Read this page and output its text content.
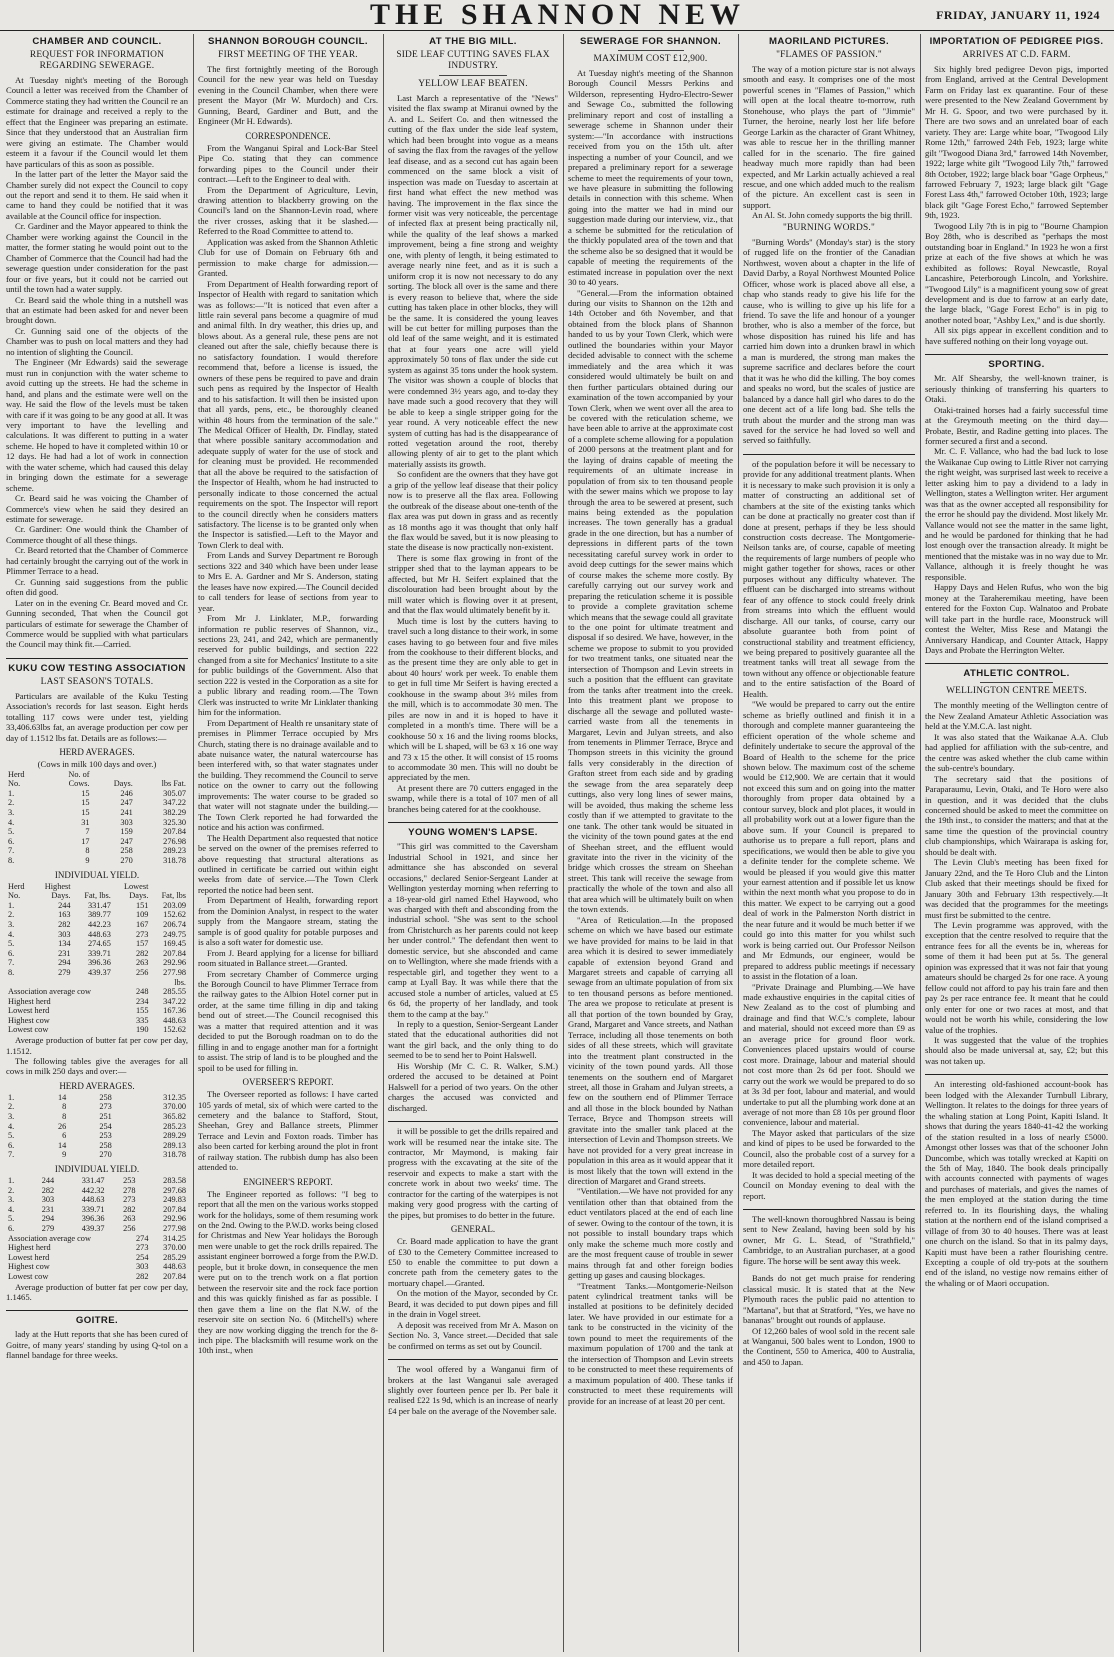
THE SHANNON NEW	FRIDAY, JANUARY 11, 1924
CHAMBER AND COUNCIL.
REQUEST FOR INFORMATION REGARDING SEWERAGE.

At Tuesday night's meeting of the Borough Council a letter was received from the Chamber of Commerce stating they had written the Council re an estimate for drainage and received a reply to the effect that the Engineer was preparing an estimate. Since that they understood that an Australian firm were giving an estimate. The Chamber would esteem it a favour if the Council would let them have particulars of this as soon as possible.

In the latter part of the letter the Mayor said the Chamber surely did not expect the Council to copy out the report and send it to them. He said when it came to hand they could be notified that it was available at the Council office for inspection.

Cr. Gardiner and the Mayor appeared to think the Chamber were working against the Council in the matter, the former stating he would point out to the Chamber of Commerce that the Council had had the sewerage question under consideration for the past four or five years, but it could not be carried out until the town had a water supply.

Cr. Beard said the whole thing in a nutshell was that an estimate had been asked for and never been brought down.

Cr. Gunning said one of the objects of the Chamber was to push on local matters and they had no intention of slighting the Council.

The Engineer (Mr Edwards) said the sewerage must run in conjunction with the water scheme to avoid cutting up the streets. He had the scheme in hand, and plans and the estimate were well on the way. He said the flow of the levels must be taken with care if it was going to be any good at all. It was very important to have the levelling and calculations. It was different to putting in a water scheme. He hoped to have it completed within 10 or 12 days. He had had a lot of work in connection with the water scheme, which had caused this delay in bringing down the estimate for a sewerage scheme.

Cr. Beard said he was voicing the Chamber of Commerce's view when he said they desired an estimate for sewerage.

Cr. Gardiner: One would think the Chamber of Commerce thought of all these things.

Cr. Beard retorted that the Chamber of Commerce had certainly brought the carrying out of the work in Plimmer Terrace to a head.

Cr. Gunning said suggestions from the public often did good.

Later on in the evening Cr. Beard moved and Cr. Gunning seconded, That when the Council got particulars of estimate for sewerage the Chamber of Commerce would be supplied with what particulars the Council may think fit.—Carried.

KUKU COW TESTING ASSOCIATION
LAST SEASON'S TOTALS.

Particulars are available of the Kuku Testing Association's records for last season. Eight herds totalling 117 cows were under test, yielding 33,406.63lbs fat, an average production per cow per day of 1.1512 lbs fat. Details are as follows:—

HERD AVERAGES.

(Cows in milk 100 days and over.)

Herd	No. of		
No.	Cows.	Days.	lbs Fat.
1.	15	246	305.07
2.	15	247	347.22
3.	15	241	382.29
4.	31	303	325.30
5.	7	159	207.84
6.	17	247	276.98
7.	8	258	289.23
8.	9	270	318.78
INDIVIDUAL YIELD.
Herd	Highest		Lowest	
No.	Days.	Fat, lbs.	Days.	Fat, lbs
1.	244	331.47	151	203.09
2.	163	389.77	109	152.62
3.	282	442.23	167	206.74
4.	303	448.63	273	249.75
5.	134	274.65	157	169.45
6.	231	339.71	282	207.84
7.	294	396.36	263	292.96
8.	279	439.37	256	277.98
		lbs.
Association average cow	248	285.55
Highest herd	234	347.22
Lowest herd	155	167.36
Highest cow	335	448.63
Lowest cow	190	152.62

Average production of butter fat per cow per day, 1.1512.

The following tables give the averages for all cows in milk 250 days and over:—

HERD AVERAGES.
1.	14	258	312.35
2.	8	273	370.00
3.	8	251	365.82
4.	26	254	285.23
5.	6	253	289.29
6.	14	258	289.13
7.	9	270	318.78
INDIVIDUAL YIELD.
1.	244	331.47	253	283.58
2.	282	442.32	278	297.68
3.	303	448.63	273	249.83
4.	231	339.71	282	207.84
5.	294	396.36	263	292.96
6.	279	439.37	256	277.98
Association average cow	274	314.25
Highest herd	273	370.00
Lowest herd	254	285.29
Highest cow	303	448.63
Lowest cow	282	207.84

Average production of butter fat per cow per day, 1.1465.

GOITRE.

lady at the Hutt reports that she has been cured of Goitre, of many years' standing by using Q-tol on a flannel bandage for three weeks.

SHANNON BOROUGH COUNCIL.
FIRST MEETING OF THE YEAR.

The first fortnightly meeting of the Borough Council for the new year was held on Tuesday evening in the Council Chamber, when there were present the Mayor (Mr W. Murdoch) and Crs. Gunning, Beard, Gardiner and Butt, and the Engineer (Mr H. Edwards).

CORRESPONDENCE.

From the Wanganui Spiral and Lock-Bar Steel Pipe Co. stating that they can commence forwarding pipes to the Council under their contract.—Left to the Engineer to deal with.

From the Department of Agriculture, Levin, drawing attention to blackberry growing on the Council's land on the Shannon-Levin road, where the river crosses, asking that it be slashed.—Referred to the Road Committee to attend to.

Application was asked from the Shannon Athletic Club for use of Domain on February 6th and permission to make charge for admission.—Granted.

From Department of Health forwarding report of Inspector of Health with regard to sanitation which was as follows:—"It is noticed that even after a little rain several pans become a quagmire of mud and animal filth. In dry weather, this dries up, and blows about. As a general rule, these pens are not cleaned out after the sale, chiefly because there is no satisfactory foundation. I would therefore recommend that, before a license is issued, the owners of these pens be required to pave and drain such pens as required by the Inspector of Health and to his satisfaction. It will then be insisted upon that all yards, pens, etc., be thoroughly cleaned within 48 hours from the termination of the sale." The Medical Officer of Health, Dr. Findlay, stated that where possible sanitary accommodation and adequate supply of water for the use of stock and for cleaning must be provided. He recommended that all the above be required to the satisfaction of the Inspector of Health, whom he had instructed to personally indicate to those concerned the actual requirements on the spot. The Inspector will report to the council directly when he considers matters satisfactory. The license is to be granted only when the Inspector is satisfied.—Left to the Mayor and Town Clerk to deal with.

From Lands and Survey Department re Borough sections 322 and 340 which have been under lease to Mrs E. A. Gardner and Mr S. Anderson, stating the leases have now expired.—The Council decided to call tenders for lease of sections from year to year.

From Mr J. Linklater, M.P., forwarding information re public reserves of Shannon, viz., sections 23, 241, and 242, which are permanently reserved for public buildings, and section 222 changed from a site for Mechanics' Institute to a site for public buildings of the Government. Also that section 222 is vested in the Corporation as a site for a public library and reading room.—The Town Clerk was instructed to write Mr Linklater thanking him for the information.

From Department of Health re unsanitary state of premises in Plimmer Terrace occupied by Mrs Church, stating there is no drainage available and to abate nuisance water, the natural watercourse has been interfered with, so that water stagnates under the building. They recommend the Council to serve notice on the owner to carry out the following improvements: The water course to be graded so that water will not stagnate under the building.—The Town Clerk reported he had forwarded the notice and his action was confirmed.

The Health Department also requested that notice be served on the owner of the premises referred to above requesting that structural alterations as outlined in certificate be carried out within eight weeks from date of service.—The Town Clerk reported the notice had been sent.

From Department of Health, forwarding report from the Dominion Analyst, in respect to the water supply from the Mangaore stream, stating the sample is of good quality for potable purposes and is also a soft water for domestic use.

From J. Beard applying for a license for billiard room situated in Ballance street.—Granted.

From secretary Chamber of Commerce urging the Borough Council to have Plimmer Terrace from the railway gates to the Albion Hotel corner put in order, at the same time filling in dip and taking bend out of street.—The Council recognised this was a matter that required attention and it was decided to put the Borough roadman on to do the filling in and to engage another man for a fortnight to assist. The strip of land is to be ploughed and the spoil to be used for filling in.

OVERSEER'S REPORT.

The Overseer reported as follows: I have carted 105 yards of metal, six of which were carted to the cemetery and the balance to Stafford, Stout, Sheehan, Grey and Ballance streets, Plimmer Terrace and Levin and Foxton roads. Timber has also been carted for kerbing around the plot in front of railway station. The rubbish dump has also been attended to.

ENGINEER'S REPORT.

The Engineer reported as follows: "I beg to report that all the men on the various works stopped work for the holidays, some of them resuming work on the 2nd. Owing to the P.W.D. works being closed for Christmas and New Year holidays the Borough men were unable to get the rock drills repaired. The assistant engineer borrowed a forge from the P.W.D. people, but it broke down, in consequence the men were put on to the trench work on a flat portion between the reservoir site and the rock face portion and this was quickly finished as far as possible. I then gave them a line on the flat N.W. of the reservoir site on section No. 6 (Mitchell's) where they are now working digging the trench for the 8-inch pipe. The blacksmith will resume work on the 10th inst., when

AT THE BIG MILL.
SIDE LEAF CUTTING SAVES FLAX INDUSTRY.
YELLOW LEAF BEATEN.

Last March a representative of the "News" visited the flax swamp at Miranui owned by the A. and L. Seifert Co. and then witnessed the cutting of the flax under the side leaf system, which had been brought into vogue as a means of saving the flax from the ravages of the yellow leaf disease, and as a second cut has again been commenced on the same block a visit of inspection was made on Tuesday to ascertain at first hand what effect the new method was having. The improvement in the flax since the former visit was very noticeable, the percentage of infected flax at present being practically nil, while the quality of the leaf shows a marked improvement, being a fine strong and weighty one, with plenty of length, it being estimated to average nearly nine feet, and as it is such a uniform crop it is now not necessary to do any sorting. The block all over is the same and there is every reason to believe that, where the side cutting has taken place in other blocks, they will be the same. It is considered the young leaves will be cut better for milling purposes than the old leaf of the same weight, and it is estimated that at four years one acre will yield approximately 50 tons of flax under the side cut system as against 35 tons under the hook system. The visitor was shown a couple of blocks that were condemned 3½ years ago, and to-day they have made such a good recovery that they will be able to keep a single stripper going for the year round. A very noticeable effect the new system of cutting has had is the disappearance of rotted vegetation around the root, thereby allowing plenty of air to get to the plant which materially assists its growth.

So confident are the owners that they have got a grip of the yellow leaf disease that their policy now is to preserve all the flax area. Following the outbreak of the disease about one-tenth of the flax area was put down in grass and as recently as 18 months ago it was thought that only half the flax would be saved, but it is now pleasing to state the disease is now practically non-existent.

There is some flax growing in front of the stripper shed that to the layman appears to be affected, but Mr H. Seifert explained that the discolouration had been brought about by the mill water which is flowing over it at present, and that the flax would ultimately benefit by it.

Much time is lost by the cutters having to travel such a long distance to their work, in some cases having to go between four and five miles from the cookhouse to their different blocks, and as the present time they are only able to get in about 40 hours' work per week. To enable them to get in full time Mr Seifert is having erected a cookhouse in the swamp about 3½ miles from the mill, which is to accommodate 30 men. The piles are now in and it is hoped to have it completed in a month's time. There will be a cookhouse 50 x 16 and the living rooms blocks, which will be L shaped, will be 63 x 16 one way and 73 x 15 the other. It will consist of 15 rooms to accommodate 30 men. This will no doubt be appreciated by the men.

At present there are 70 cutters engaged in the swamp, while there is a total of 107 men of all branches being catered for at the cookhouse.

YOUNG WOMEN'S LAPSE.

"This girl was committed to the Caversham Industrial School in 1921, and since her admittance she has absconded on several occasions," declared Senior-Sergeant Lander at Wellington yesterday morning when referring to a 18-year-old girl named Ethel Haywood, who was charged with theft and absconding from the industrial school. "She was sent to the school from Christchurch as her parents could not keep her under control." The defendant then went to domestic service, but she absconded and came on to Wellington, where she made friends with a respectable girl, and together they went to a camp at Lyall Bay. It was while there that the accused stole a number of articles, valued at £5 6s 6d, the property of her landlady, and took them to the camp at the bay."

In reply to a question, Senior-Sergeant Lander stated that the educational authorities did not want the girl back, and the only thing to do seemed to be to send her to Point Halswell.

His Worship (Mr C. C. R. Walker, S.M.) ordered the accused to be detained at Point Halswell for a period of two years. On the other charges the accused was convicted and discharged.

it will be possible to get the drills repaired and work will be resumed near the intake site. The contractor, Mr Maymond, is making fair progress with the excavating at the site of the reservoir and expects to make a start with the concrete work in about two weeks' time. The contractor for the carting of the waterpipes is not making very good progress with the carting of the pipes, but promises to do better in the future.

GENERAL.

Cr. Board made application to have the grant of £30 to the Cemetery Committee increased to £50 to enable the committee to put down a concrete path from the cemetery gates to the mortuary chapel.—Granted.

On the motion of the Mayor, seconded by Cr. Beard, it was decided to put down pipes and fill in the drain in Vogel street.

A deposit was received from Mr A. Mason on Section No. 3, Vance street.—Decided that sale be confirmed on terms as set out by Council.

The wool offered by a Wanganui firm of brokers at the last Wanganui sale averaged slightly over fourteen pence per lb. Per bale it realised £22 1s 9d, which is an increase of nearly £4 per bale on the average of the November sale.

SEWERAGE FOR SHANNON.
MAXIMUM COST £12,900.

At Tuesday night's meeting of the Shannon Borough Council Messrs Perkins and Wilderson, representing Hydro-Electro-Sewer and Sewage Co., submitted the following preliminary report and cost of installing a sewerage scheme in Shannon under their system:—"In accordance with instructions received from you on the 15th ult. after inspecting a number of your Council, and we prepared a preliminary report for a sewerage scheme to meet the requirements of your town, we have pleasure in submitting the following details in connection with this scheme. When going into the matter we had in mind our suggestion made during our interview, viz., that a scheme be submitted for the reticulation of the thickly populated area of the town and that the scheme also be so designed that it would be capable of meeting the requirements of the estimated increase in population over the next 30 to 40 years.

"General.—From the information obtained during our visits to Shannon on the 12th and 14th October and 6th November, and that obtained from the block plans of Shannon handed to us by your Town Clerk, which were outlined the boundaries within your Mayor decided advisable to connect with the scheme immediately and the area which it was considered would ultimately be built on and then further particulars obtained during our examination of the town accompanied by your Town Clerk, when we went over all the area to be covered with the reticulation scheme, we have been able to arrive at the approximate cost of a complete scheme allowing for a population of 2000 persons at the treatment plant and for the laying of drains capable of meeting the requirements of an ultimate increase in population of from six to ten thousand people with the sewer mains which we propose to lay through the area to be sewered at present, such mains being extended as the population increases. The town generally has a gradual grade in the one direction, but has a number of depressions in different parts of the town necessitating careful survey work in order to avoid deep cuttings for the sewer mains which of course makes the scheme more costly. By carefully carrying out our survey work and preparing the reticulation scheme it is possible to provide a complete gravitation scheme which means that the sewage could all gravitate to the one point for ultimate treatment and disposal if so desired. We have, however, in the scheme we propose to submit to you provided for two treatment tanks, one situated near the intersection of Thompson and Levin streets in such a position that the effluent can gravitate from the tanks after treatment into the creek. Into this treatment plant we propose to discharge all the sewage and polluted waste-carried waste from all the tenements in Margaret, Levin and Julyan streets, and also from tenements in Plimmer Terrace, Bryce and Thompson streets in this vicinity the ground falls very considerably in the direction of Grafton street from each side and by grading the sewage from the area separately deep cuttings, also very long lines of sewer mains, will be avoided, thus making the scheme less costly than if we attempted to gravitate to the one tank. The other tank would be situated in the vicinity of the town pound gates at the end of Sheehan street, and the effluent would gravitate into the river in the vicinity of the bridge which crosses the stream on Sheehan street. This tank will receive the sewage from practically the whole of the town and also all that area which will be ultimately built on when the town extends.

"Area of Reticulation.—In the proposed scheme on which we have based our estimate we have provided for mains to be laid in that area which it is desired to sewer immediately capable of extension beyond Grand and Margaret streets and capable of carrying all sewage from an ultimate population of from six to ten thousand persons as before mentioned. The area we propose to reticulate at present is all that portion of the town bounded by Gray, Grand, Margaret and Vance streets, and Nathan Terrace, including all those tenements on both sides of all these streets, which will gravitate into the treatment plant constructed in the vicinity of the town pound yards. All those tenements on the southern end of Margaret street, all those in Graham and Julyan streets, a few on the southern end of Plimmer Terrace and all those in the block bounded by Nathan Terrace, Bryce and Thompson streets will gravitate into the smaller tank placed at the intersection of Levin and Thompson streets. We have not provided for a very great increase in population in this area as it would appear that it is most likely that the town will extend in the direction of Margaret and Grand streets.

"Ventilation.—We have not provided for any ventilation other than that obtained from the educt ventilators placed at the end of each line of sewer. Owing to the contour of the town, it is not possible to install boundary traps which only make the scheme much more costly and are the most frequent cause of trouble in sewer mains through fat and other foreign bodies getting up gases and causing blockages.

"Treatment Tanks.—Montgomerie-Neilson patent cylindrical treatment tanks will be installed at positions to be definitely decided later. We have provided in our estimate for a tank to be constructed in the vicinity of the town pound to meet the requirements of the maximum population of 1700 and the tank at the intersection of Thompson and Levin streets to be constructed to meet these requirements of a maximum population of 400. These tanks if constructed to meet these requirements will provide for an increase of at least 20 per cent.

MAORILAND PICTURES.
"FLAMES OF PASSION."

The way of a motion picture star is not always smooth and easy. It comprises one of the most powerful scenes in "Flames of Passion," which will open at the local theatre to-morrow, ruth Stonehouse, who plays the part of "Jimmie" Turner, the heroine, nearly lost her life before George Larkin as the character of Grant Whitney, was able to rescue her in the thrilling manner called for in the scenario. The fire gained headway much more rapidly than had been expected, and Mr Larkin actually achieved a real rescue, and one which added much to the realism of the picture. An excellent cast is seen in support.

An Al. St. John comedy supports the big thrill.

"BURNING WORDS."

"Burning Words" (Monday's star) is the story of rugged life on the frontier of the Canadian Northwest, woven about a chapter in the life of David Darby, a Royal Northwest Mounted Police Officer, whose work is placed above all else, a chap who stands ready to give his life for the cause, who is willing to give up his life for a friend. To save the life and honour of a younger brother, who is also a member of the force, but whose disposition has ruined his life and has carried him down into a drunken brawl in which a man is murdered, the strong man makes the supreme sacrifice and declares before the court that it was he who did the killing. The boy comes and speaks no word, but the scales of justice are balanced by a dance hall girl who dares to do the one decent act of a life long bad. She tells the truth about the murder and the strong man was saved for the service he had loved so well and served so faithfully.

of the population before it will be necessary to provide for any additional treatment plants. When it is necessary to make such provision it is only a matter of constructing an additional set of chambers at the site of the existing tanks which can be done at practically no greater cost than if done at present, perhaps if they be less should construction costs decrease. The Montgomerie-Neilson tanks are, of course, capable of meeting the requirements of large numbers of people who might gather together for shows, races or other purposes without any difficulty whatever. The effluent can be discharged into streams without fear of any offence to stock could freely drink from streams into which the effluent would discharge. All our tanks, of course, carry our absolute guarantee both from point of constructional stability and treatment efficiency, we being prepared to positively guarantee all the treatment tanks will treat all sewage from the town without any offence or objectionable feature and to the entire satisfaction of the Board of Health.

"We would be prepared to carry out the entire scheme as briefly outlined and finish it in a thorough and complete manner guaranteeing the efficient operation of the whole scheme and definitely undertake to secure the approval of the Board of Health to the scheme for the price shown below. The maximum cost of the scheme would be £12,900. We are certain that it would not exceed this sum and on going into the matter thoroughly from proper data obtained by a contour survey, block and plot places, it would in all probability work out at a lower figure than the above sum. If your Council is prepared to authorise us to prepare a full report, plans and specifications, we would then be able to give you a definite tender for the complete scheme. We would be pleased if you would give this matter your earnest attention and if possible let us know within the next month what you propose to do in this matter. We expect to be carrying out a good deal of work in the Palmerston North district in the near future and it would be much better if we could go into this matter for you whilst such work is being carried out. Our Professor Neilson and Mr Edmunds, our engineer, would be prepared to address public meetings if necessary to assist in the flotation of a loan.

"Private Drainage and Plumbing.—We have made exhaustive enquiries in the capital cities of New Zealand as to the cost of plumbing and drainage and find that W.C.'s complete, labour and material, should not exceed more than £9 as an average price for ground floor work. Conveniences placed upstairs would of course cost more. Drainage, labour and material should not cost more than 2s 6d per foot. Should we carry out the work we would be prepared to do so at 3s 3d per foot, labour and material, and would undertake to put all the plumbing work done at an average of not more than £8 10s per ground floor convenience, labour and material.

The Mayor asked that particulars of the size and kind of pipes to be used be forwarded to the Council, also the probable cost of a survey for a more detailed report.

It was decided to hold a special meeting of the Council on Monday evening to deal with the report.

The well-known thoroughbred Nassau is being sent to New Zealand, having been sold by his owner, Mr G. L. Stead, of "Strathfield," Cambridge, to an Australian purchaser, at a good figure. The horse will be sent away this week.

Bands do not get much praise for rendering classical music. It is stated that at the New Plymouth races the public paid no attention to "Martana", but that at Stratford, "Yes, we have no bananas" brought out rounds of applause.

Of 12,260 bales of wool sold in the recent sale at Wanganui, 500 bales went to London, 1900 to the Continent, 550 to America, 400 to Australia, and 450 to Japan.

IMPORTATION OF PEDIGREE PIGS.
ARRIVES AT C.D. FARM.

Six highly bred pedigree Devon pigs, imported from England, arrived at the Central Development Farm on Friday last ex quarantine. Four of these were presented to the New Zealand Government by Mr H. G. Spoor, and two were purchased by it. There are two sows and an unrelated boar of each variety. They are: Large white boar, "Twogood Lily Rome 12th," farrowed 24th Feb, 1923; large white gilt "Twogood Diana 3rd," farrowed 14th November, 1922; large white gilt "Twogood Lily 7th," farrowed 8th October, 1922; large black boar "Gage Orpheus," farrowed February 7, 1923; large black gilt "Gage Forest Lass 4th," farrowed October 10th, 1923; large black gilt "Gage Forest Echo," farrowed September 9th, 1923.

Twogood Lily 7th is in pig to "Bourne Champion Boy 28th, who is described as "perhaps the most outstanding boar in England." In 1923 he won a first prize at each of the five shows at which he was exhibited as follows: Royal Newcastle, Royal Lancashire, Peterborough Lincoln, and Yorkshire. "Twogood Lily" is a magnificent young sow of great development and is due to farrow at an early date, the large black, "Gage Forest Echo" is in pig to another noted boar, "Ashby Lex," and is due shortly.

All six pigs appear in excellent condition and to have suffered nothing on their long voyage out.

SPORTING.

Mr. Alf Shearsby, the well-known trainer, is seriously thinking of transferring his quarters to Otaki.

Otaki-trained horses had a fairly successful time at the Greymouth meeting on the third day—Probate, Bestir, and Radine getting into places. The former secured a first and a second.

Mr. C. F. Vallance, who had the bad luck to lose the Waikanae Cup owing to Little River not carrying the right weight, was surprised last week to receive a letter asking him to pay a dividend to a lady in Wellington, states a Wellington writer. Her argument was that as the owner accepted all responsibility for the error he should pay the dividend. Most likely Mr. Vallance would not see the matter in the same light, and he would be pardoned for thinking that he had lost enough over the transaction already. It might be mentioned that the mistake was in no way due to Mr. Vallance, although it is freely thought he was responsible.

Happy Days and Helen Rufus, who won the big money at the Taraheremikau meeting, have been entered for the Foxton Cup. Walnatoo and Probate will take part in the hurdle race, Moonstruck will contest the Welter, Miss Rese and Matangi the Anniversary Handicap, and Counter Attack, Happy Days and Probate the Herrington Welter.

ATHLETIC CONTROL.
WELLINGTON CENTRE MEETS.

The monthly meeting of the Wellington centre of the New Zealand Amateur Athletic Association was held at the Y.M.C.A. last night.

It was also stated that the Waikanae A.A. Club had applied for affiliation with the sub-centre, and the centre was asked whether the club came within the sub-centre's boundary.

The secretary said that the positions of Paraparaumu, Levin, Otaki, and Te Horo were also in question, and it was decided that the clubs concerned should be asked to meet the committee on the 19th inst., to consider the matters; and that at the same time the question of the provincial country club championships, which Wairarapa is asking for, should be dealt with.

The Levin Club's meeting has been fixed for January 22nd, and the Te Horo Club and the Linton Club asked that their meetings should be fixed for January 30th and February 13th respectively.—It was decided that the programmes for the meetings must first be submitted to the centre.

The Levin programme was approved, with the exception that the centre resolved to require that the entrance fees for all the events be in, whereas for some of them it had been put at 5s. The general opinion was expressed that it was not fair that young amateurs should be charged 2s for one race. A young fellow could not afford to pay his train fare and then pay 2s per race entrance fee. It meant that he could only enter for one or two races at most, and that would not be worth his while, considering the low value of the trophies.

It was suggested that the value of the trophies should also be made universal at, say, £2; but this was not taken up.

An interesting old-fashioned account-book has been lodged with the Alexander Turnbull Library, Wellington. It relates to the doings for three years of the whaling station at Long Point, Kapiti Island. It shows that during the years 1840-41-42 the working of the station resulted in a loss of nearly £5000. Amongst other losses was that of the schooner John Duncombe, which was totally wrecked at Kapiti on the 5th of May, 1840. The book deals principally with accounts connected with payments of wages and purchases of materials, and gives the names of the men employed at the station during the time referred to. In its flourishing days, the whaling station at the northern end of the island comprised a village of from 30 to 40 houses. There was at least one church on the island. So that in its palmy days, Kapiti must have been a rather flourishing centre. Excepting a couple of old try-pots at the southern end of the island, no vestige now remains either of the whaling or of Maori occupation.
